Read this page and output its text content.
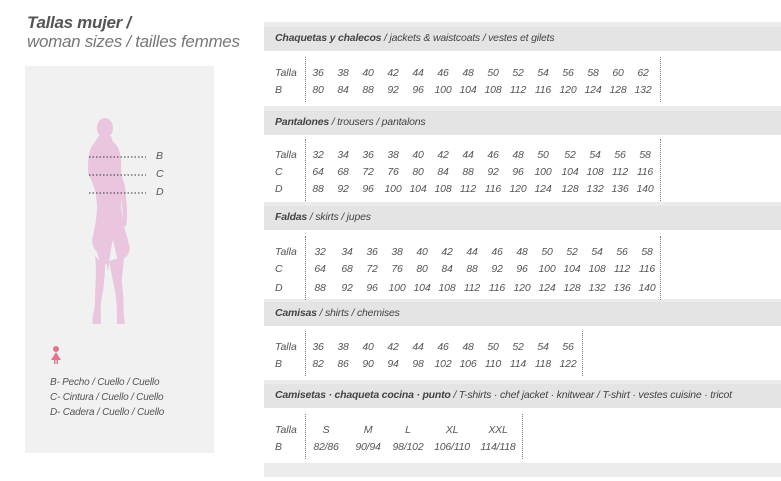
Tallas mujer /
woman sizes / tailles femmes
B
C
D
B- Pecho / Cuello / Cuello
C- Cintura / Cuello / Cuello
D- Cadera / Cuello / Cuello
Chaquetas y chalecos / jackets & waistcoats / vestes et gilets
Talla 36 38 40 42 44 46 48 50 52 54 56 58 60 62
B	80 84 88 92 96 100 104 108 112 116 120 124 128 132
Pantalones / trousers / pantalons
Talla 32 34 36 38 40 42 44 46 48 50 52 54 56 58
C	64 68 72 76 80 84 88 92 96 100 104 108 112 116
D	88 92 96 100 104 108 112 116 120 124 128 132 136 140
Faldas / skirts / jupes
Talla 32 34 36 38 40 42 44 46 48 50 52 54 56 58
C	64 68 72 76 80 84 88 92 96 100 104 108 112 116
D	88 92 96 100 104 108 112 116 120 124 128 132 136 140
Camisas / shirts / chemises
Talla 36 38 40 42 44 46 48 50 52 54 56
B	82 86 90 94 98 102 106 110 114 118 122
Camisetas · chaqueta cocina · punto / T-shirts · chef jacket · knitwear / T-shirt · vestes cuisine · tricot
Talla S	M	L	XL	XXL
B	82/86 90/94 98/102 106/110 114/118
